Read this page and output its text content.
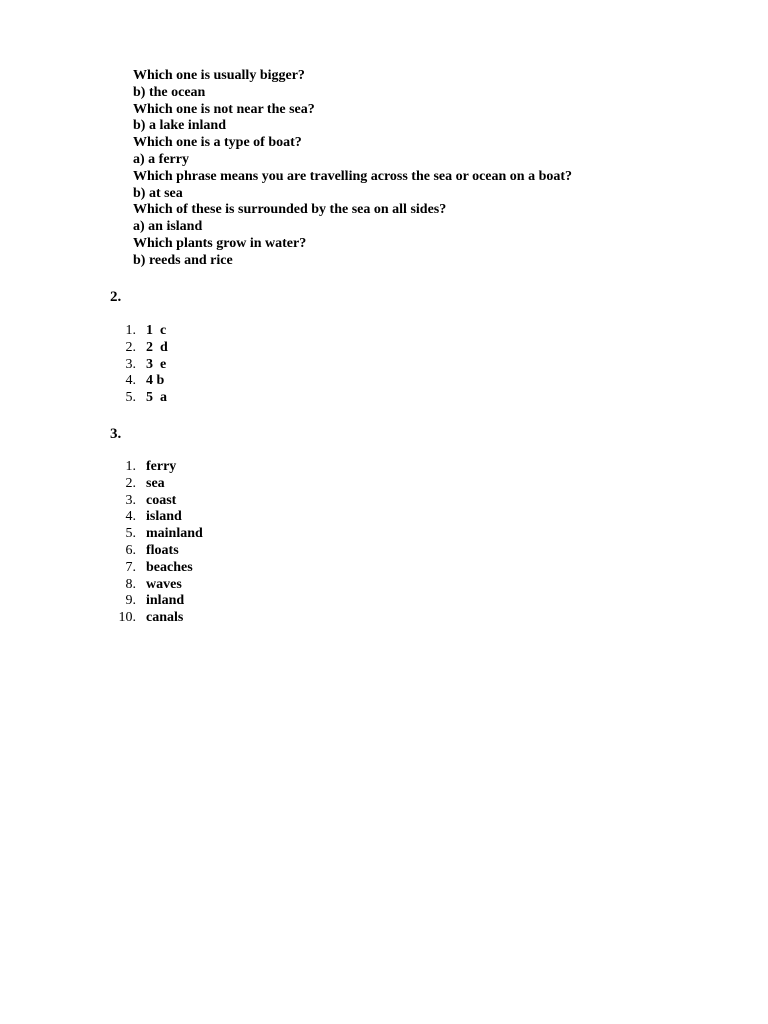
Which one is usually bigger?
b) the ocean
Which one is not near the sea?
b) a lake inland
Which one is a type of boat?
a) a ferry
Which phrase means you are travelling across the sea or ocean on a boat?
b) at sea
Which of these is surrounded by the sea on all sides?
a) an island
Which plants grow in water?
b) reeds and rice
2.
1. 1  c
2. 2  d
3. 3  e
4. 4 b
5. 5  a
3.
1. ferry
2. sea
3. coast
4. island
5. mainland
6. floats
7. beaches
8. waves
9. inland
10. canals
